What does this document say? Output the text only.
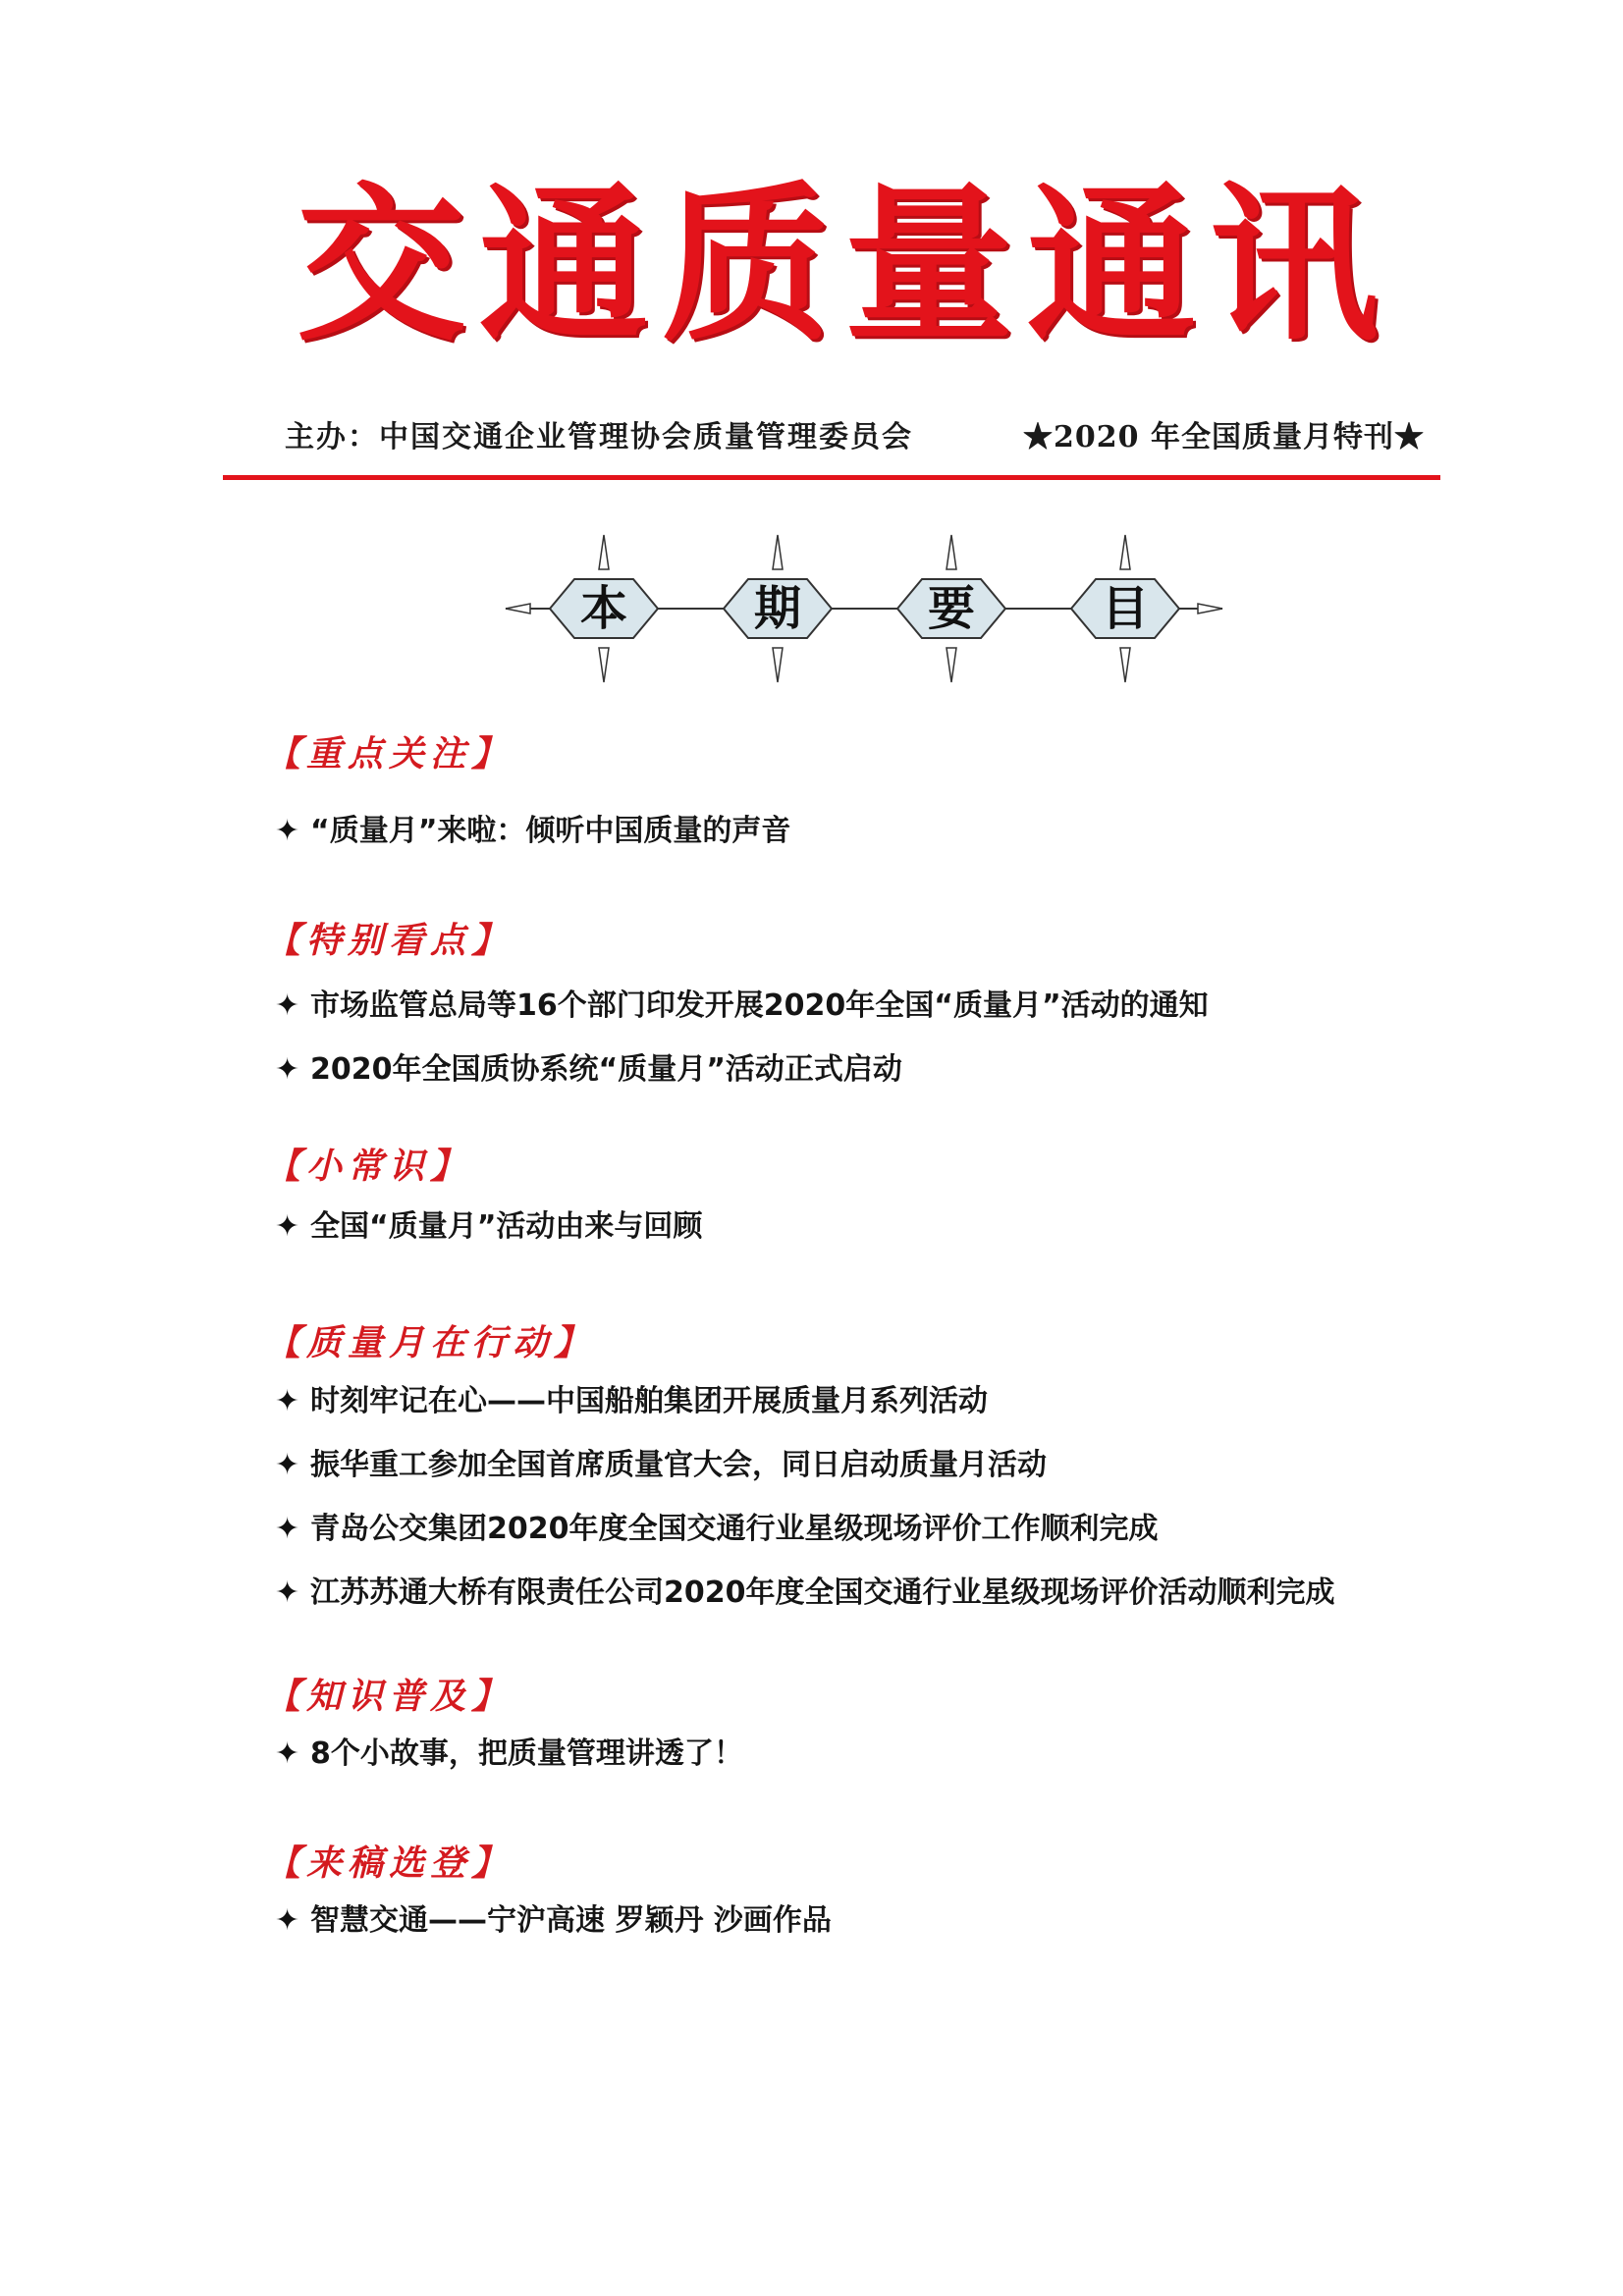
交通质量通讯
主办：中国交通企业管理协会质量管理委员会	★2020 年全国质量月特刊★
本	期	要	目
【重点关注】
✦ “质量月”来啦：倾听中国质量的声音
【特别看点】
✦ 市场监管总局等16个部门印发开展2020年全国“质量月”活动的通知
✦ 2020年全国质协系统“质量月”活动正式启动
【小常识】
✦ 全国“质量月”活动由来与回顾
【质量月在行动】
✦ 时刻牢记在心——中国船舶集团开展质量月系列活动
✦ 振华重工参加全国首席质量官大会，同日启动质量月活动
✦ 青岛公交集团2020年度全国交通行业星级现场评价工作顺利完成
✦ 江苏苏通大桥有限责任公司2020年度全国交通行业星级现场评价活动顺利完成
【知识普及】
✦ 8个小故事，把质量管理讲透了！
【来稿选登】
✦ 智慧交通——宁沪高速 罗颖丹 沙画作品
